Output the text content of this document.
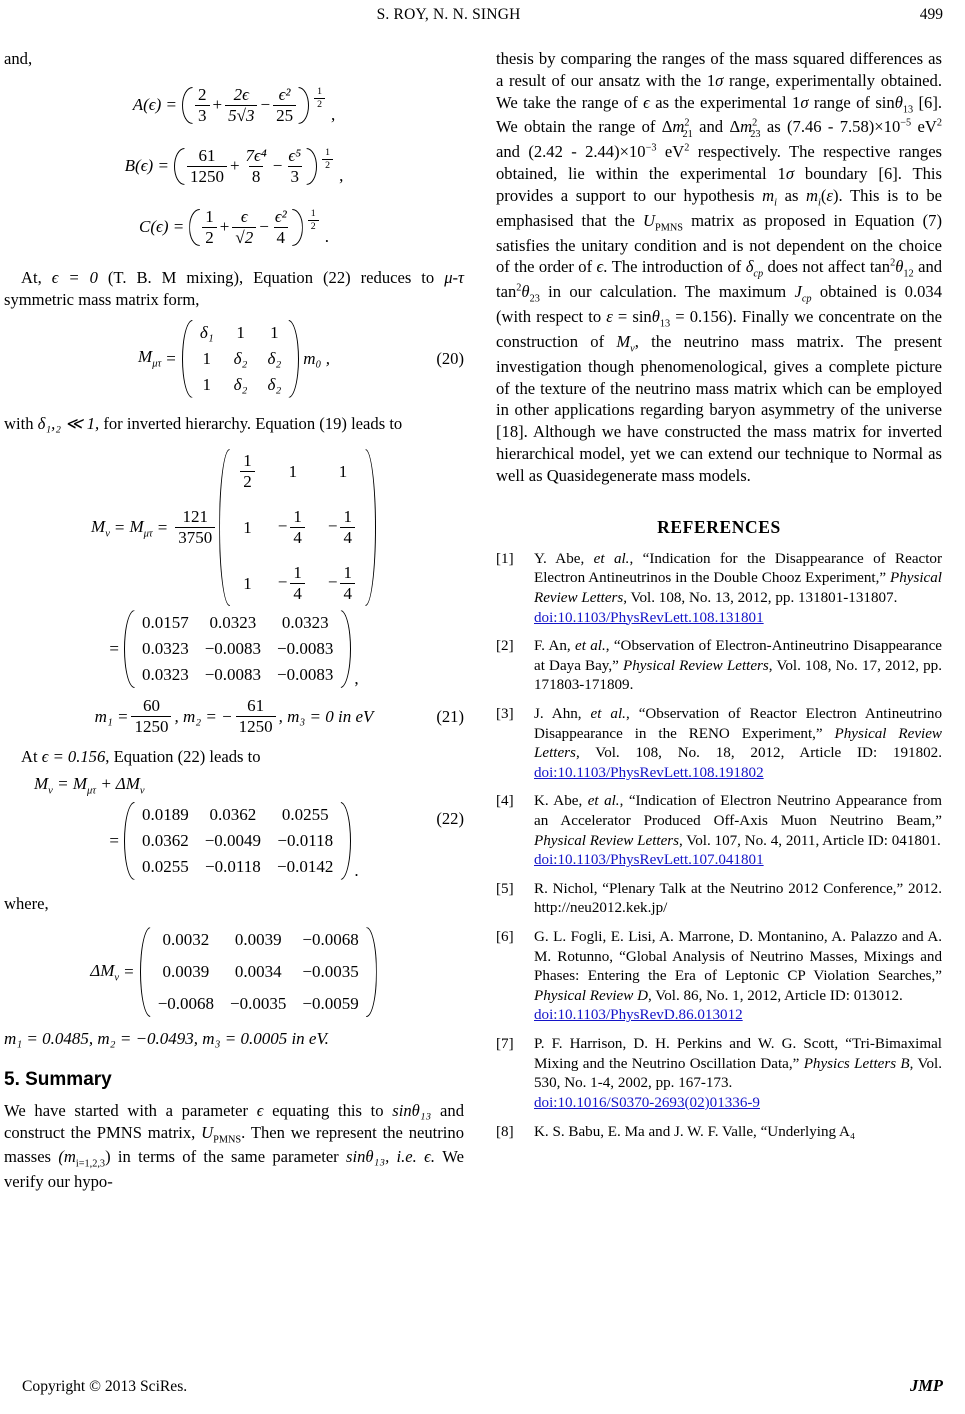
S. ROY, N. N. SINGH	499

and,

$A(\epsilon) = \frac{2}{3} + \frac{2\epsilon}{5√3} - \frac{\text{ϵ²}}{25} \frac{1}{2}$
,
$B(\epsilon) = \frac{61}{1250} + \frac{\text{7ϵ⁴}}{8} - \frac{\text{ϵ⁵}}{3} \frac{1}{2}$
,
$C(\epsilon) = \frac{1}{2} + \frac{\epsilon}{√2} - \frac{\text{ϵ²}}{4} \frac{1}{2}$
.

At, ϵ = 0 (T. B. M mixing), Equation (22) reduces to μ-τ symmetric mass matrix form,

$M_{\mu\tau}$ =
δ₁ 1 1
1 δ₂ δ₂
1 δ₂ δ₂
m₀ ,	(20)

with δ₁,₂ ≪ 1, for inverted hierarchy. Equation (19) leads to

$M_\nu = M_{\mu\tau} = \frac{121}{3750}$
$\frac{1}{2} 1$ 1
$1 - \frac{1}{4} - \frac{1}{4}$
$1 - \frac{1}{4} - \frac{1}{4}$
=
0.0157 0.0323 0.0323
0.0323 −0.0083 −0.0083
0.0323 −0.0083 −0.0083 ,
$m_1 = \frac{60}{1250}$ , m₂ = − $\frac{61}{1250}$ , m₃ = 0 in eV	(21)

At ϵ = 0.156, Equation (22) leads to

$M_\nu = M_{\mu\tau} + \Delta M_\nu$
=
0.0189 0.0362 0.0255
0.0362 −0.0049 −0.0118
0.0255 −0.0118 −0.0142 .
(22)

where,

$\Delta M_\nu$ =
0.0032 0.0039 −0.0068
0.0039 0.0034 −0.0035
−0.0068 −0.0035 −0.0059

m₁ = 0.0485, m₂ = −0.0493, m₃ = 0.0005 in eV.

5. Summary

We have started with a parameter ϵ equating this to sinθ₁₃ and construct the PMNS matrix, $U_{PMNS}$. Then we represent the neutrino masses $(m_{i=1,2,3})$ in terms of the same parameter sinθ₁₃, i.e. ϵ. We verify our hypo-

thesis by comparing the ranges of the mass squared differences as a result of our ansatz with the 1σ range, experimentally obtained. We take the range of ϵ as the experimental 1σ range of sinθ$_{13}$ [6]. We obtain the range of $\Delta m^2_{21}$ and $\Delta m^2_{23}$ as $(7.46 - 7.58)\times 10^{-5}$ $eV^2$ and $(2.42 - 2.44)\times 10^{-3}$ $eV^2$ respectively. The respective ranges obtained, lie within the experimental 1σ boundary [6]. This provides a support to our hypothesis $m_i$ as $m_i(\varepsilon)$. This is to be emphasised that the $U_{PMNS}$ matrix as proposed in Equation (7) satisfies the unitary condition and is not dependent on the choice of the order of ϵ. The introduction of $\delta_{cp}$ does not affect $\tan^2\theta_{12}$ and $\tan^2\theta_{23}$ in our calculation. The maximum $J_{cp}$ obtained is 0.034 (with respect to ε = sinθ$_{13}$ = 0.156). Finally we concentrate on the construction of $M_\nu$, the neutrino mass matrix. The present investigation though phenomenological, gives a complete picture of the texture of the neutrino mass matrix which can be employed in other applications regarding baryon asymmetry of the universe [18]. Although we have constructed the mass matrix for inverted hierarchical model, yet we can extend our technique to Normal as well as Quasidegenerate mass models.

REFERENCES
[1]	Y. Abe, et al., “Indication for the Disappearance of Reactor Electron Antineutrinos in the Double Chooz Experiment,” Physical Review Letters, Vol. 108, No. 13, 2012, pp. 131801-131807.
doi:10.1103/PhysRevLett.108.131801
[2]	F. An, et al., “Observation of Electron-Antineutrino Disappearance at Daya Bay,” Physical Review Letters, Vol. 108, No. 17, 2012, pp. 171803-171809.
[3]	J. Ahn, et al., “Observation of Reactor Electron Antineutrino Disappearance in the RENO Experiment,” Physical Review Letters, Vol. 108, No. 18, 2012, Article ID: 191802. doi:10.1103/PhysRevLett.108.191802
[4]	K. Abe, et al., “Indication of Electron Neutrino Appearance from an Accelerator Produced Off-Axis Muon Neutrino Beam,” Physical Review Letters, Vol. 107, No. 4, 2011, Article ID: 041801.
doi:10.1103/PhysRevLett.107.041801
[5]	R. Nichol, “Plenary Talk at the Neutrino 2012 Conference,” 2012. http://neu2012.kek.jp/
[6]	G. L. Fogli, E. Lisi, A. Marrone, D. Montanino, A. Palazzo and A. M. Rotunno, “Global Analysis of Neutrino Masses, Mixings and Phases: Entering the Era of Leptonic CP Violation Searches,” Physical Review D, Vol. 86, No. 1, 2012, Article ID: 013012.
doi:10.1103/PhysRevD.86.013012
[7]	P. F. Harrison, D. H. Perkins and W. G. Scott, “Tri-Bimaximal Mixing and the Neutrino Oscillation Data,” Physics Letters B, Vol. 530, No. 1-4, 2002, pp. 167-173.
doi:10.1016/S0370-2693(02)01336-9
[8]	K. S. Babu, E. Ma and J. W. F. Valle, “Underlying A₄
Copyright © 2013 SciRes.	JMP
